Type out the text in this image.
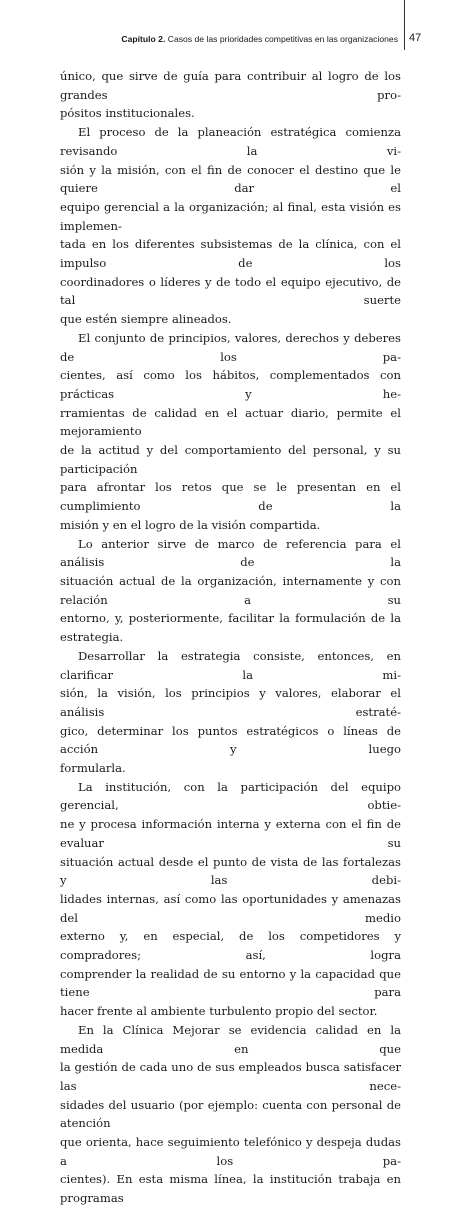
Capítulo 2. Casos de las prioridades competitivas en las organizaciones 47

único, que sirve de guía para contribuir al logro de los grandes pro-
pósitos institucionales.

El proceso de la planeación estratégica comienza revisando la vi-
sión y la misión, con el fin de conocer el destino que le quiere dar el
equipo gerencial a la organización; al final, esta visión es implemen-
tada en los diferentes subsistemas de la clínica, con el impulso de los
coordinadores o líderes y de todo el equipo ejecutivo, de tal suerte
que estén siempre alineados.

El conjunto de principios, valores, derechos y deberes de los pa-
cientes, así como los hábitos, complementados con prácticas y he-
rramientas de calidad en el actuar diario, permite el mejoramiento
de la actitud y del comportamiento del personal, y su participación
para afrontar los retos que se le presentan en el cumplimiento de la
misión y en el logro de la visión compartida.

Lo anterior sirve de marco de referencia para el análisis de la
situación actual de la organización, internamente y con relación a su
entorno, y, posteriormente, facilitar la formulación de la estrategia.

Desarrollar la estrategia consiste, entonces, en clarificar la mi-
sión, la visión, los principios y valores, elaborar el análisis estraté-
gico, determinar los puntos estratégicos o líneas de acción y luego
formularla.

La institución, con la participación del equipo gerencial, obtie-
ne y procesa información interna y externa con el fin de evaluar su
situación actual desde el punto de vista de las fortalezas y las debi-
lidades internas, así como las oportunidades y amenazas del medio
externo y, en especial, de los competidores y compradores; así, logra
comprender la realidad de su entorno y la capacidad que tiene para
hacer frente al ambiente turbulento propio del sector.

En la Clínica Mejorar se evidencia calidad en la medida en que
la gestión de cada uno de sus empleados busca satisfacer las nece-
sidades del usuario (por ejemplo: cuenta con personal de atención
que orienta, hace seguimiento telefónico y despeja dudas a los pa-
cientes). En esta misma línea, la institución trabaja en programas
